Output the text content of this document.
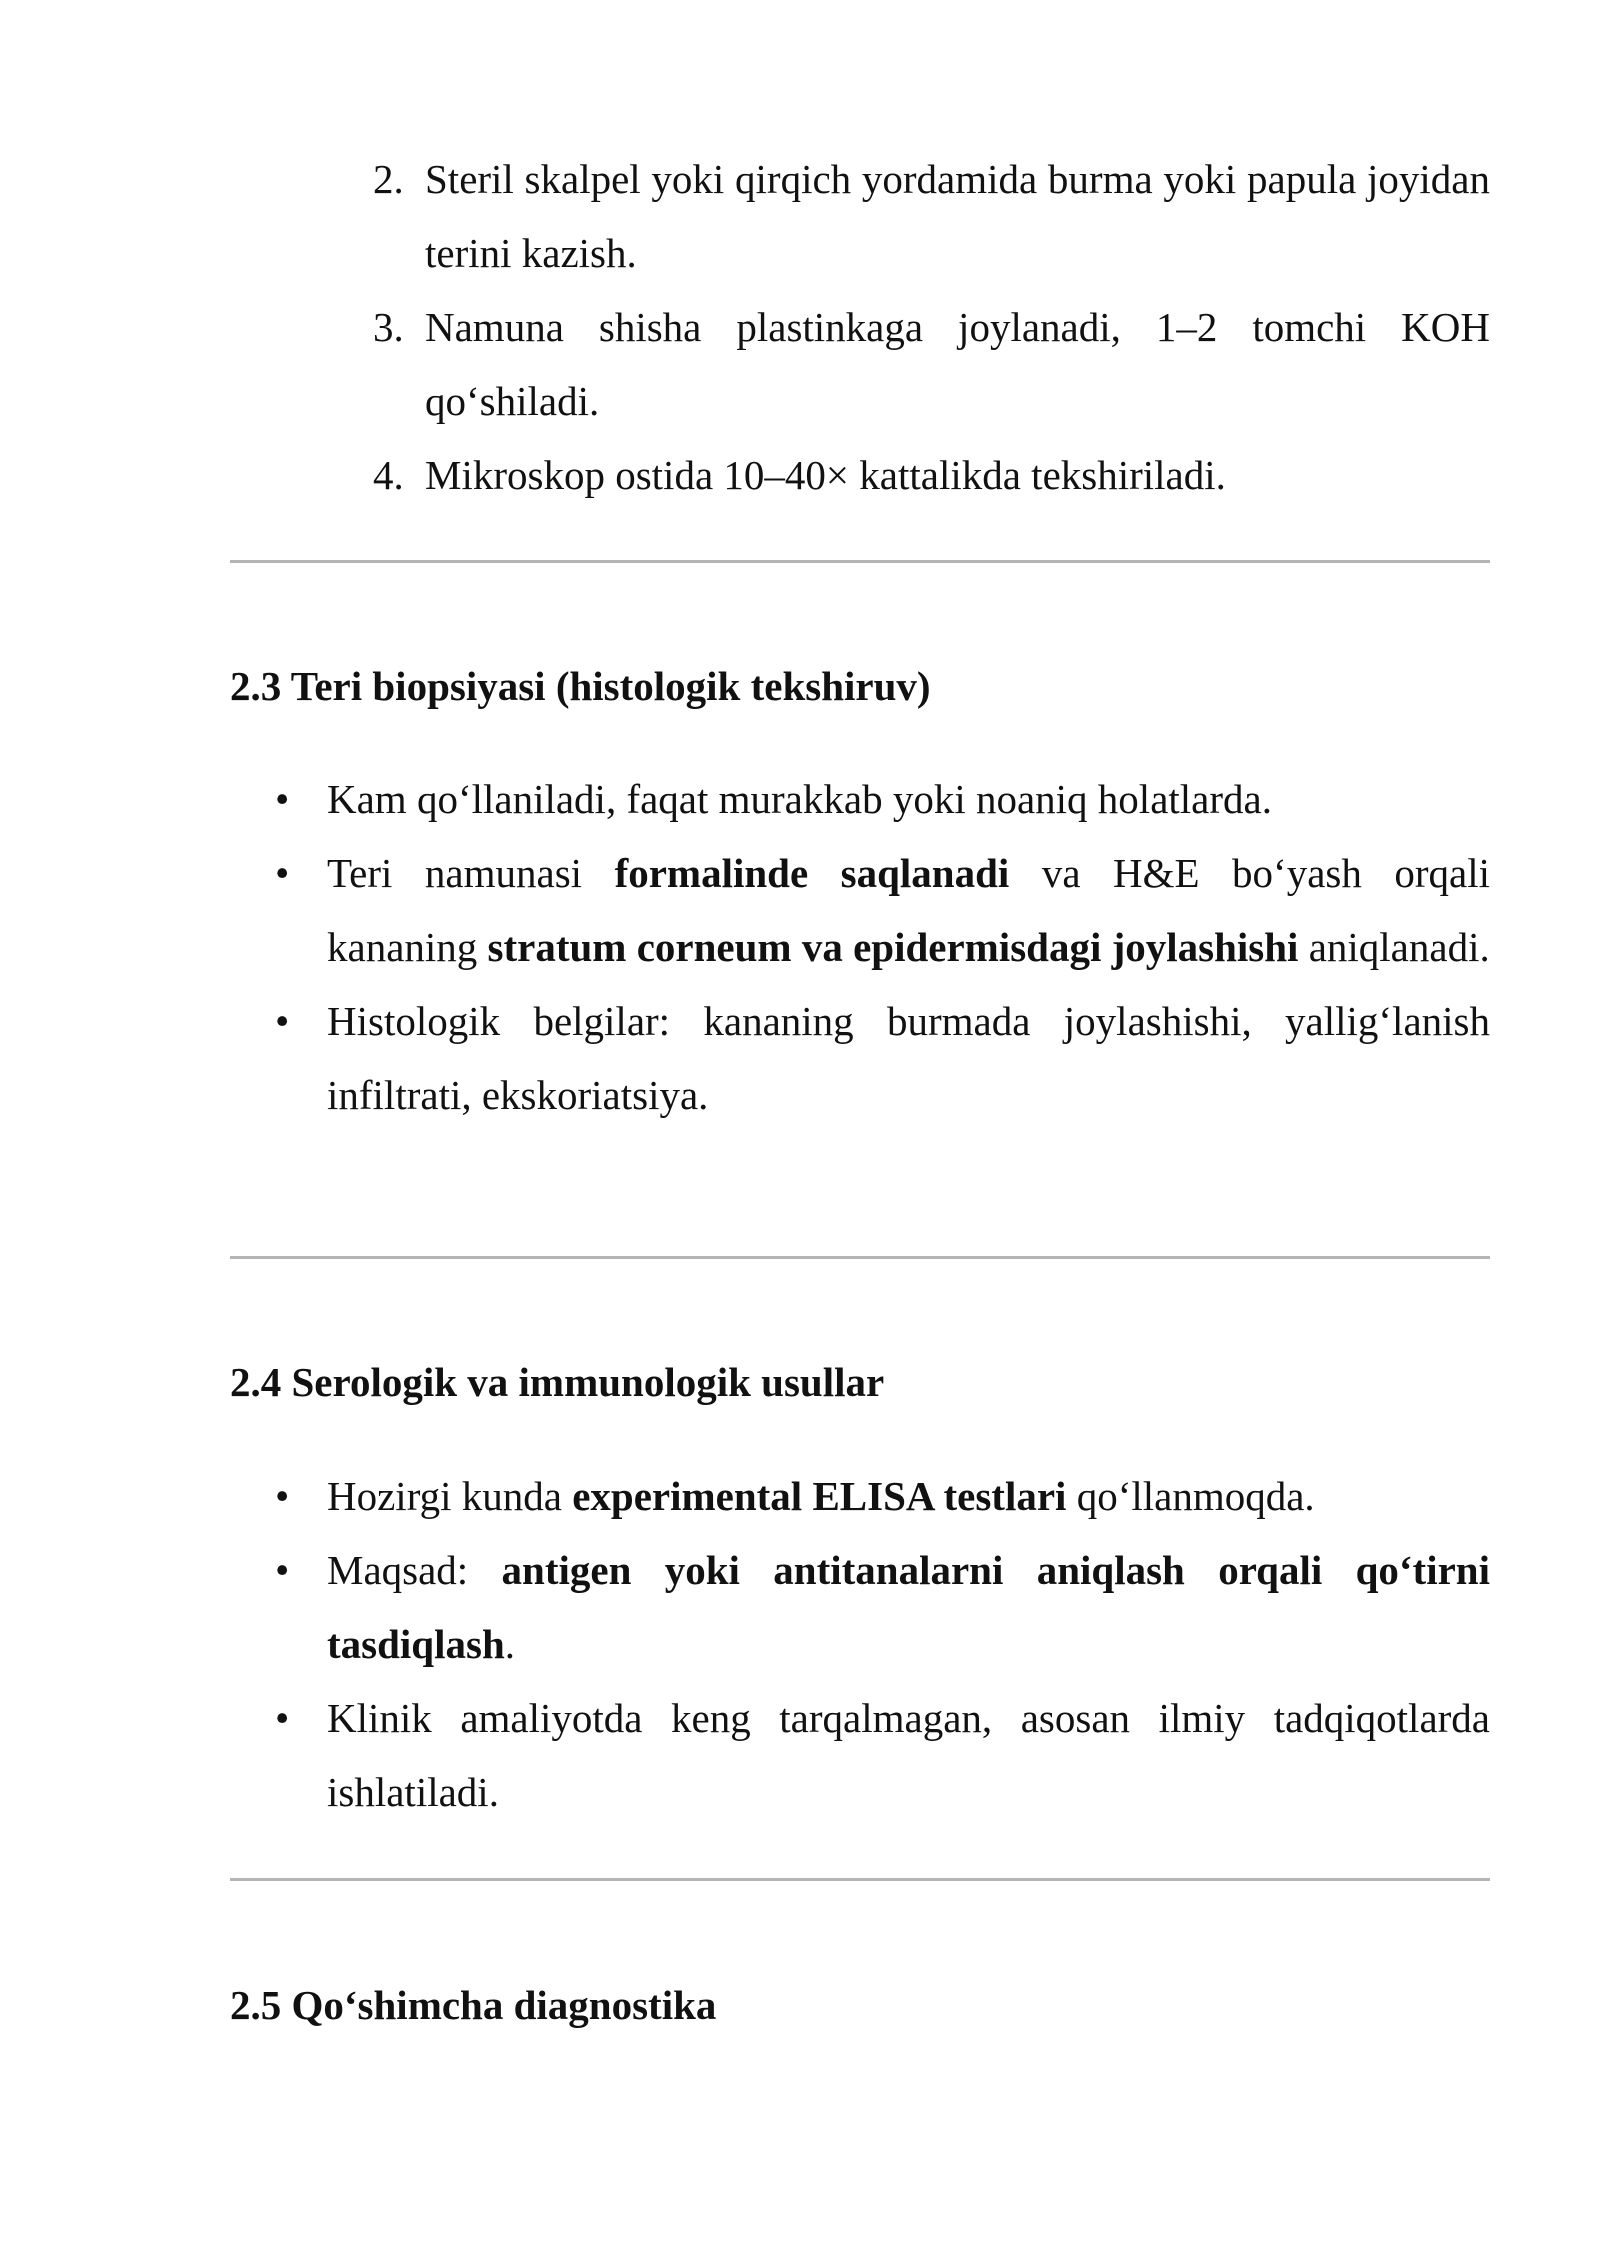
2. Steril skalpel yoki qirqich yordamida burma yoki papula joyidan terini kazish.
3. Namuna shisha plastinkaga joylanadi, 1–2 tomchi KOH qo‘shiladi.
4. Mikroskop ostida 10–40× kattalikda tekshiriladi.
2.3 Teri biopsiyasi (histologik tekshiruv)
• Kam qo‘llaniladi, faqat murakkab yoki noaniq holatlarda.
• Teri namunasi formalinde saqlanadi va H&E bo‘yash orqali kananing stratum corneum va epidermisdagi joylashishi aniqlanadi.
• Histologik belgilar: kananing burmada joylashishi, yallig‘lanish infiltrati, ekskoriatsiya.
2.4 Serologik va immunologik usullar
• Hozirgi kunda experimental ELISA testlari qo‘llanmoqda.
• Maqsad: antigen yoki antitanalarni aniqlash orqali qo‘tirni tasdiqlash.
• Klinik amaliyotda keng tarqalmagan, asosan ilmiy tadqiqotlarda ishlatiladi.
2.5 Qo‘shimcha diagnostika
